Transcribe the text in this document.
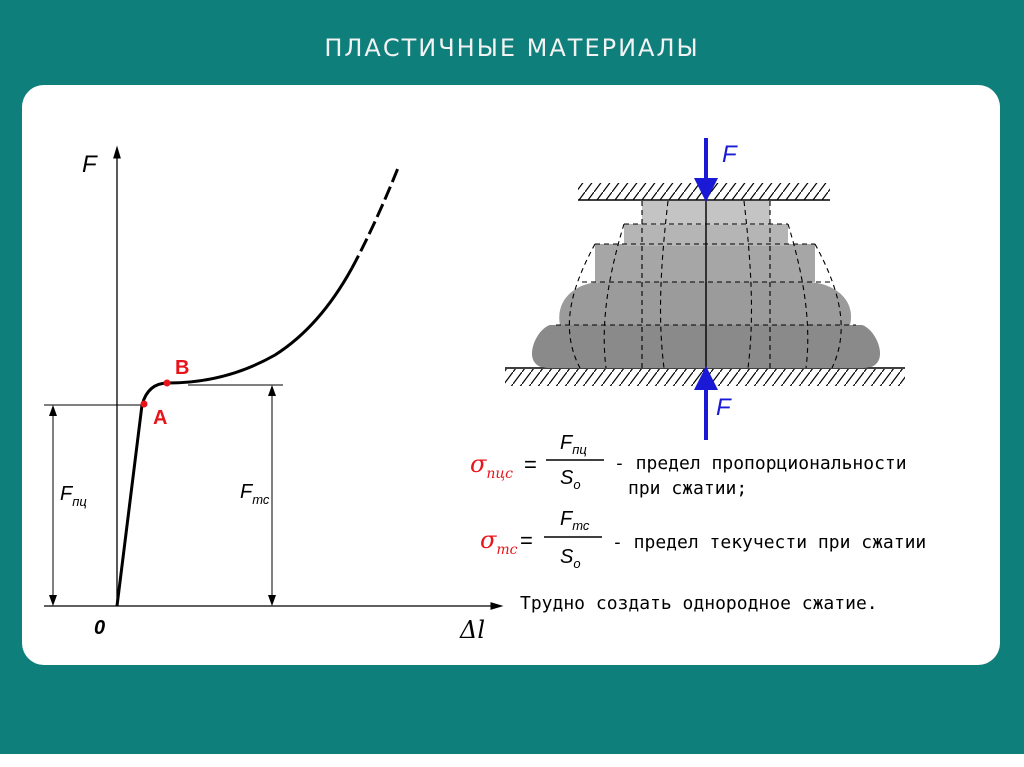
ПЛАСТИЧНЫЕ МАТЕРИАЛЫ
F
Δl
0
A
B
$F_{пц}$	$F_{тс}$
F
F
$\sigma_{пцс}$ =
$F_{пц}$
$S_о$
- предел пропорциональности
при сжатии;
$\sigma_{тс}$ =
$F_{тс}$
$S_о$
- предел текучести при сжатии
Трудно создать однородное сжатие.
